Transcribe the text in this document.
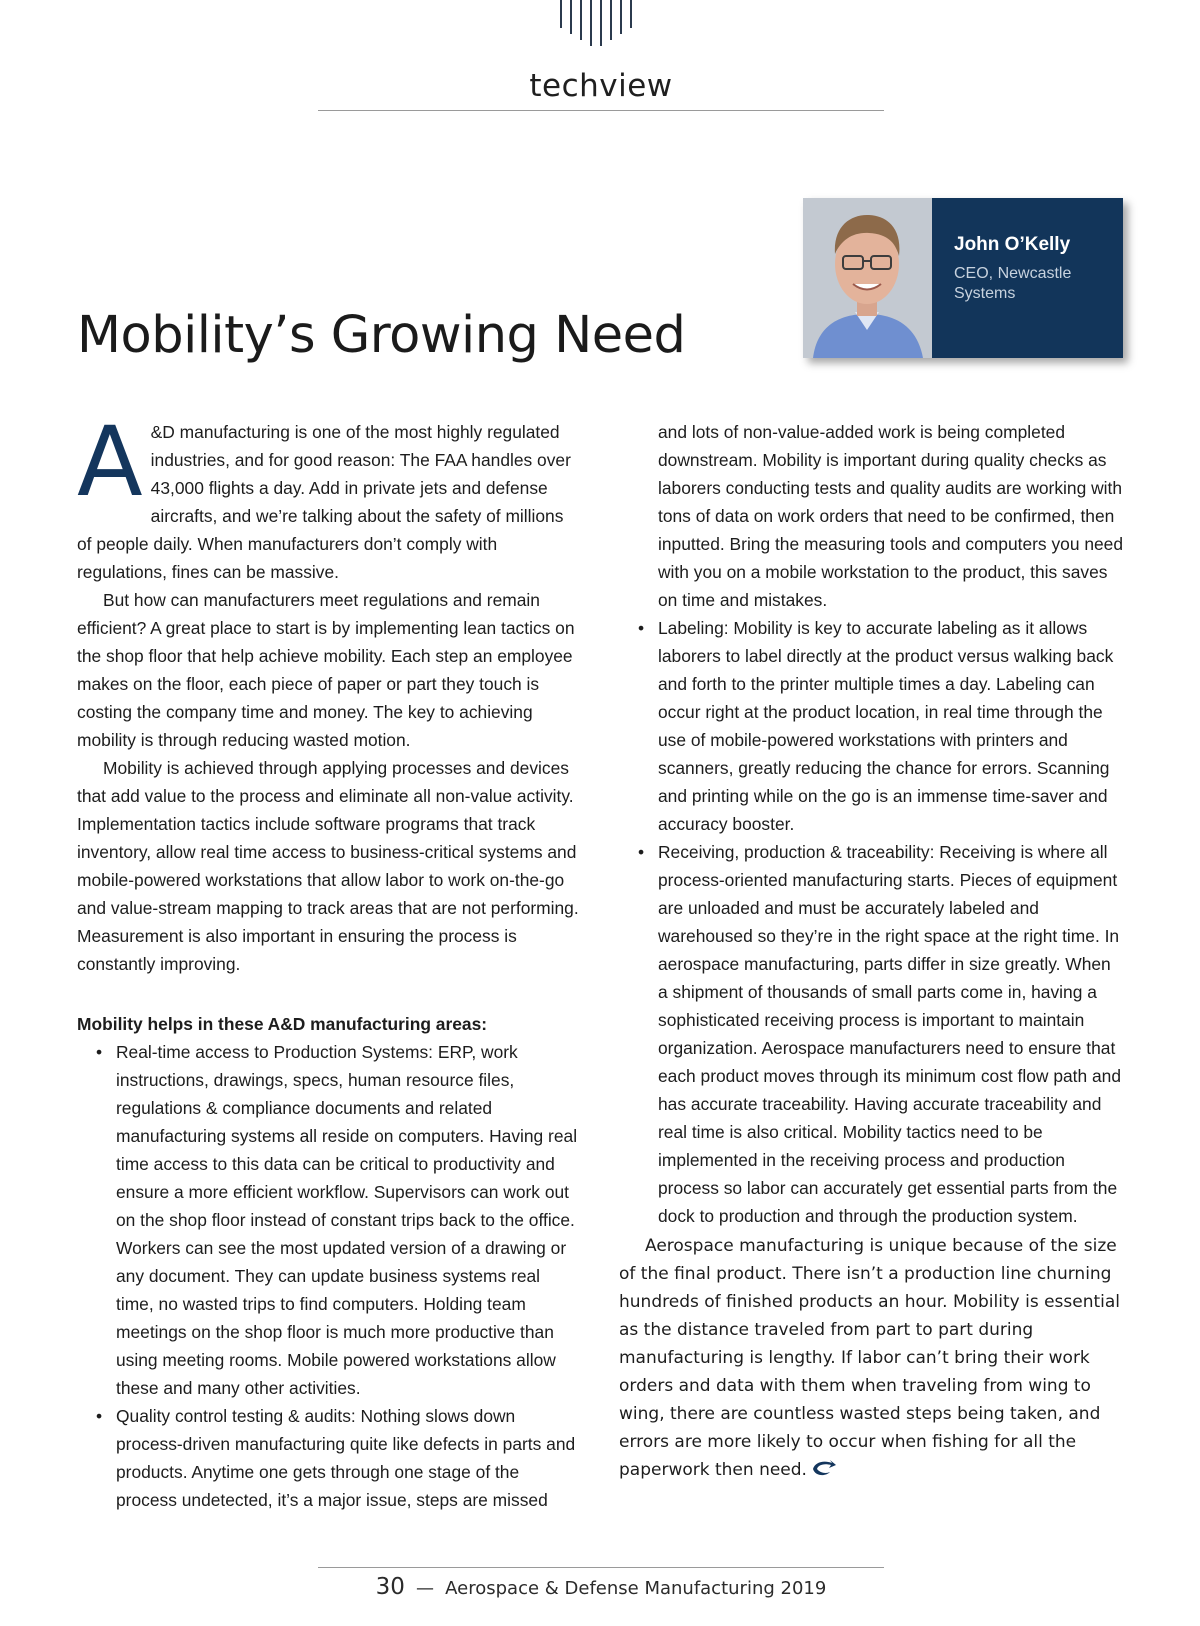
techview
Mobility’s Growing Need
John O’Kelly
CEO, Newcastle Systems

A &D manufacturing is one of the most highly regulated industries, and for good reason: The FAA handles over 43,000 flights a day. Add in private jets and defense aircrafts, and we’re talking about the safety of millions of people daily. When manufacturers don’t comply with regulations, fines can be massive.

But how can manufacturers meet regulations and remain efficient? A great place to start is by implementing lean tactics on the shop floor that help achieve mobility. Each step an employee makes on the floor, each piece of paper or part they touch is costing the company time and money. The key to achieving mobility is through reducing wasted motion.

Mobility is achieved through applying processes and devices that add value to the process and eliminate all non-value activity. Implementation tactics include software programs that track inventory, allow real time access to business-critical systems and mobile-powered workstations that allow labor to work on-the-go and value-stream mapping to track areas that are not performing. Measurement is also important in ensuring the process is constantly improving.

Mobility helps in these A&D manufacturing areas:

• Real-time access to Production Systems: ERP, work instructions, drawings, specs, human resource files, regulations & compliance documents and related manufacturing systems all reside on computers. Having real time access to this data can be critical to productivity and ensure a more efficient workflow. Supervisors can work out on the shop floor instead of constant trips back to the office. Workers can see the most updated version of a drawing or any document. They can update business systems real time, no wasted trips to find computers. Holding team meetings on the shop floor is much more productive than using meeting rooms. Mobile powered workstations allow these and many other activities.
• Quality control testing & audits: Nothing slows down process-driven manufacturing quite like defects in parts and products. Anytime one gets through one stage of the process undetected, it’s a major issue, steps are missed

and lots of non-value-added work is being completed downstream. Mobility is important during quality checks as laborers conducting tests and quality audits are working with tons of data on work orders that need to be confirmed, then inputted. Bring the measuring tools and computers you need with you on a mobile workstation to the product, this saves on time and mistakes.

• Labeling: Mobility is key to accurate labeling as it allows laborers to label directly at the product versus walking back and forth to the printer multiple times a day. Labeling can occur right at the product location, in real time through the use of mobile-powered workstations with printers and scanners, greatly reducing the chance for errors. Scanning and printing while on the go is an immense time-saver and accuracy booster.
• Receiving, production & traceability: Receiving is where all process-oriented manufacturing starts. Pieces of equipment are unloaded and must be accurately labeled and warehoused so they’re in the right space at the right time. In aerospace manufacturing, parts differ in size greatly. When a shipment of thousands of small parts come in, having a sophisticated receiving process is important to maintain organization. Aerospace manufacturers need to ensure that each product moves through its minimum cost flow path and has accurate traceability. Having accurate traceability and real time is also critical. Mobility tactics need to be implemented in the receiving process and production process so labor can accurately get essential parts from the dock to production and through the production system.

Aerospace manufacturing is unique because of the size of the final product. There isn’t a production line churning hundreds of finished products an hour. Mobility is essential as the distance traveled from part to part during manufacturing is lengthy. If labor can’t bring their work orders and data with them when traveling from wing to wing, there are countless wasted steps being taken, and errors are more likely to occur when fishing for all the paperwork then need.

30 — Aerospace & Defense Manufacturing 2019
